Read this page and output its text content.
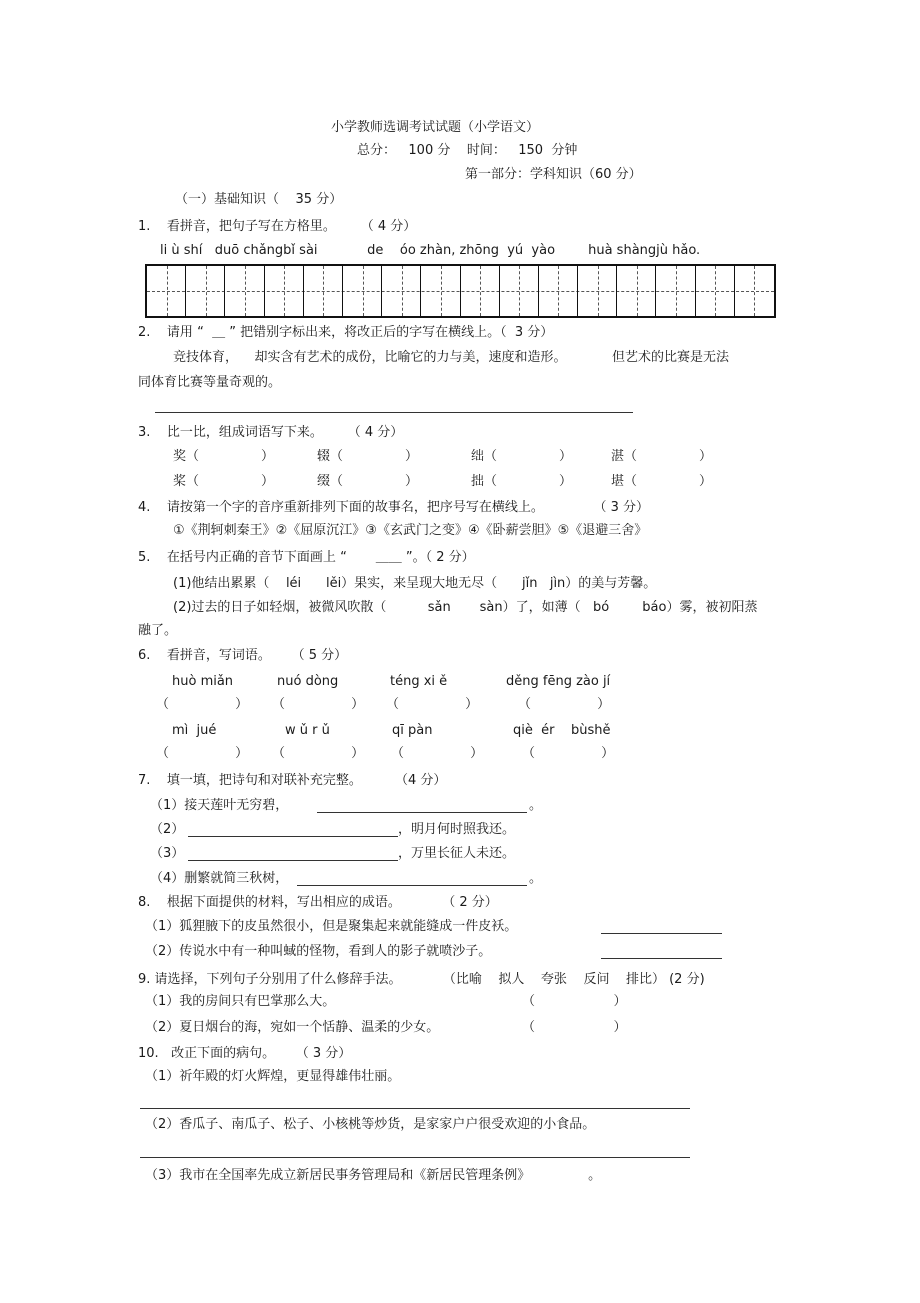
小学教师选调考试试题（小学语文）
总分：   100 分    时间：   150  分钟
第一部分：学科知识（60 分）
（一）基础知识（    35 分）
1.    看拼音，把句子写在方格里。      （ 4 分）
li ù shí   duō chǎngbǐ sài            de    óo zhàn, zhōng  yú  yào        huà shàngjù hǎo.
2.    请用 “  ＿ ” 把错别字标出来，将改正后的字写在横线上。（  3 分）
竞技体育，    却实含有艺术的成份，比喻它的力与美，速度和造形。           但艺术的比赛是无法
同体育比赛等量奇观的。
3.    比一比，组成词语写下来。      （ 4 分）
奖（               ）	辍（               ）	绌（               ）	湛（               ）
桨（               ）	缀（               ）	拙（               ）	堪（               ）
4.    请按第一个字的音序重新排列下面的故事名，把序号写在横线上。            （ 3 分）
①《荆轲刺秦王》②《屈原沉江》③《玄武门之变》④《卧薪尝胆》⑤《退避三舍》
5.    在括号内正确的音节下面画上 “       ＿＿ ”。（ 2 分）
(1)他结出累累（    léi      lěi）果实，来呈现大地无尽（      jǐn   jìn）的美与芳馨。
(2)过去的日子如轻烟，被微风吹散（          sǎn       sàn）了，如薄（   bó        báo）雾，被初阳蒸
融了。
6.    看拼音，写词语。     （ 5 分）
huò miǎn	nuó dòng	téng xi ě	děng fēng zào jí
（                ） （                ） （                ）	（                ）
mì  jué	w ǔ r ǔ	qī pàn	qiè  ér    bùshě
（                ） （                ） （                ）	（                ）
7.    填一填，把诗句和对联补充完整。        （4 分）
（1）接天莲叶无穷碧，	。
（2）	，明月何时照我还。
（3）	，万里长征人未还。
（4）删繁就简三秋树，	。
8.    根据下面提供的材料，写出相应的成语。          （ 2 分）
（1）狐狸腋下的皮虽然很小，但是聚集起来就能缝成一件皮袄。
（2）传说水中有一种叫蜮的怪物，看到人的影子就喷沙子。
9. 请选择，下列句子分别用了什么修辞手法。          （比喻    拟人    夸张    反问    排比） (2 分)
（1）我的房间只有巴掌那么大。	（                   ）
（2）夏日烟台的海，宛如一个恬静、温柔的少女。	（                   ）
10.   改正下面的病句。     （ 3 分）
（1）祈年殿的灯火辉煌，更显得雄伟壮丽。
（2）香瓜子、南瓜子、松子、小核桃等炒货，是家家户户很受欢迎的小食品。
（3）我市在全国率先成立新居民事务管理局和《新居民管理条例》              。
